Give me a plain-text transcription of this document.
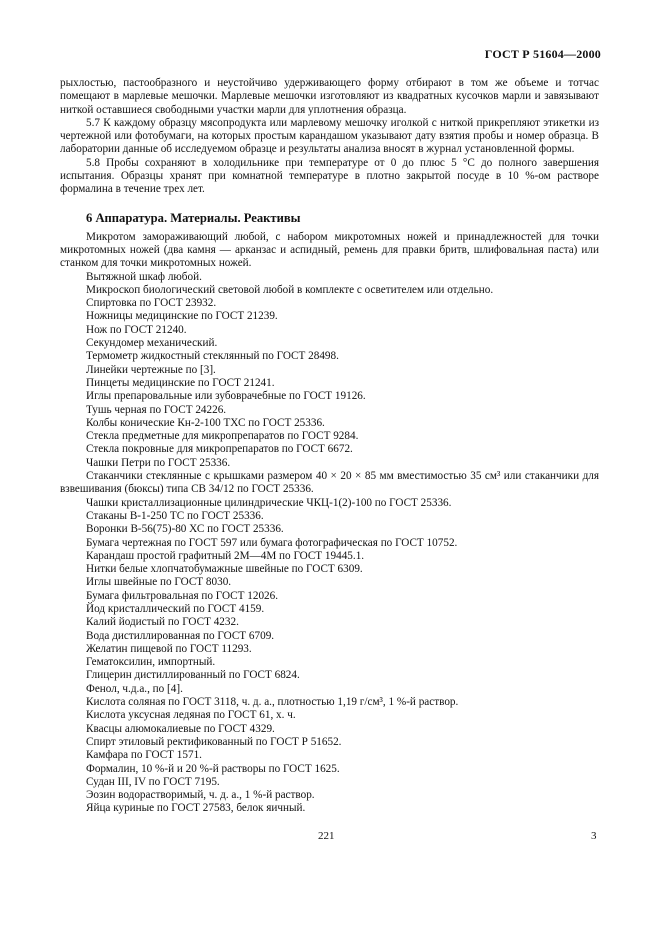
ГОСТ Р 51604—2000

рыхлостью, пастообразного и неустойчиво удерживающего форму отбирают в том же объеме и тотчас помещают в марлевые мешочки. Марлевые мешочки изготовляют из квадратных кусочков марли и завязывают ниткой оставшиеся свободными участки марли для уплотнения образца.

5.7 К каждому образцу мясопродукта или марлевому мешочку иголкой с ниткой прикрепляют этикетки из чертежной или фотобумаги, на которых простым карандашом указывают дату взятия пробы и номер образца. В лаборатории данные об исследуемом образце и результаты анализа вносят в журнал установленной формы.

5.8 Пробы сохраняют в холодильнике при температуре от 0 до плюс 5 °С до полного завершения испытания. Образцы хранят при комнатной температуре в плотно закрытой посуде в 10 %-ом растворе формалина в течение трех лет.

6 Аппаратура. Материалы. Реактивы

Микротом замораживающий любой, с набором микротомных ножей и принадлежностей для точки микротомных ножей (два камня — арканзас и аспидный, ремень для правки бритв, шлифовальная паста) или станком для точки микротомных ножей.

Вытяжной шкаф любой.

Микроскоп биологический световой любой в комплекте с осветителем или отдельно.

Спиртовка по ГОСТ 23932.

Ножницы медицинские по ГОСТ 21239.

Нож по ГОСТ 21240.

Секундомер механический.

Термометр жидкостный стеклянный по ГОСТ 28498.

Линейки чертежные по [3].

Пинцеты медицинские по ГОСТ 21241.

Иглы препаровальные или зубоврачебные по ГОСТ 19126.

Тушь черная по ГОСТ 24226.

Колбы конические Кн-2-100 ТХС по ГОСТ 25336.

Стекла предметные для микропрепаратов по ГОСТ 9284.

Стекла покровные для микропрепаратов по ГОСТ 6672.

Чашки Петри по ГОСТ 25336.

Стаканчики стеклянные с крышками размером 40 × 20 × 85 мм вместимостью 35 см³ или стаканчики для взвешивания (бюксы) типа СВ 34/12 по ГОСТ 25336.

Чашки кристаллизационные цилиндрические ЧКЦ-1(2)-100 по ГОСТ 25336.

Стаканы В-1-250 ТС по ГОСТ 25336.

Воронки В-56(75)-80 ХС по ГОСТ 25336.

Бумага чертежная по ГОСТ 597 или бумага фотографическая по ГОСТ 10752.

Карандаш простой графитный 2М—4М по ГОСТ 19445.1.

Нитки белые хлопчатобумажные швейные по ГОСТ 6309.

Иглы швейные по ГОСТ 8030.

Бумага фильтровальная по ГОСТ 12026.

Йод кристаллический по ГОСТ 4159.

Калий йодистый по ГОСТ 4232.

Вода дистиллированная по ГОСТ 6709.

Желатин пищевой по ГОСТ 11293.

Гематоксилин, импортный.

Глицерин дистиллированный по ГОСТ 6824.

Фенол, ч.д.а., по [4].

Кислота соляная по ГОСТ 3118, ч. д. а., плотностью 1,19 г/см³, 1 %-й раствор.

Кислота уксусная ледяная по ГОСТ 61, х. ч.

Квасцы алюмокалиевые по ГОСТ 4329.

Спирт этиловый ректификованный по ГОСТ Р 51652.

Камфара по ГОСТ 1571.

Формалин, 10 %-й и 20 %-й растворы по ГОСТ 1625.

Судан III, IV по ГОСТ 7195.

Эозин водорастворимый, ч. д. а., 1 %-й раствор.

Яйца куриные по ГОСТ 27583, белок яичный.

221	3
